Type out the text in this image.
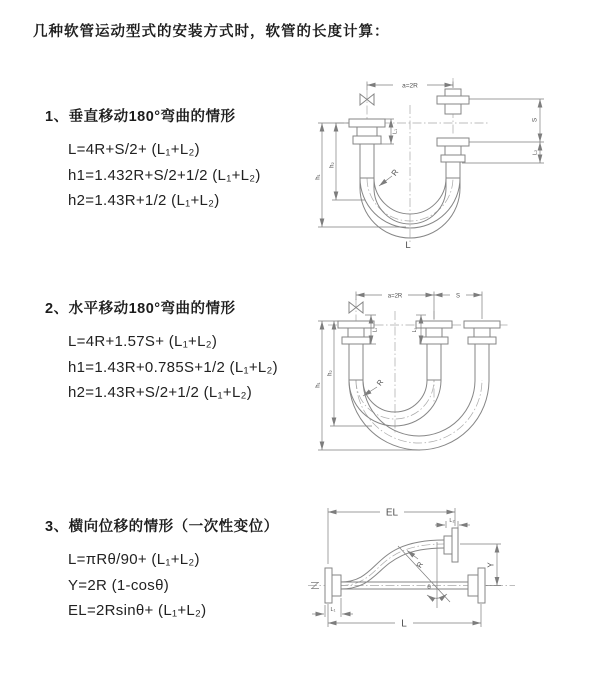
几种软管运动型式的安装方式时，软管的长度计算：
1、垂直移动180°弯曲的情形
L=4R+S/2+ (L₁+L₂)
h1=1.432R+S/2+1/2 (L₁+L₂)
h2=1.43R+1/2 (L₁+L₂)
2、水平移动180°弯曲的情形
L=4R+1.57S+ (L₁+L₂)
h1=1.43R+0.785S+1/2 (L₁+L₂)
h2=1.43R+S/2+1/2 (L₁+L₂)
3、横向位移的情形（一次性变位）
L=πRθ/90+ (L₁+L₂)
Y=2R (1-cosθ)
EL=2Rsinθ+ (L₁+L₂)
a=2R
S
L₂
L₁
h₁
h₂
R
L
a=2R	S
h₁
h₂
L₁	L₂
R
EL
L₂
Y
L
L₁
R
θ
